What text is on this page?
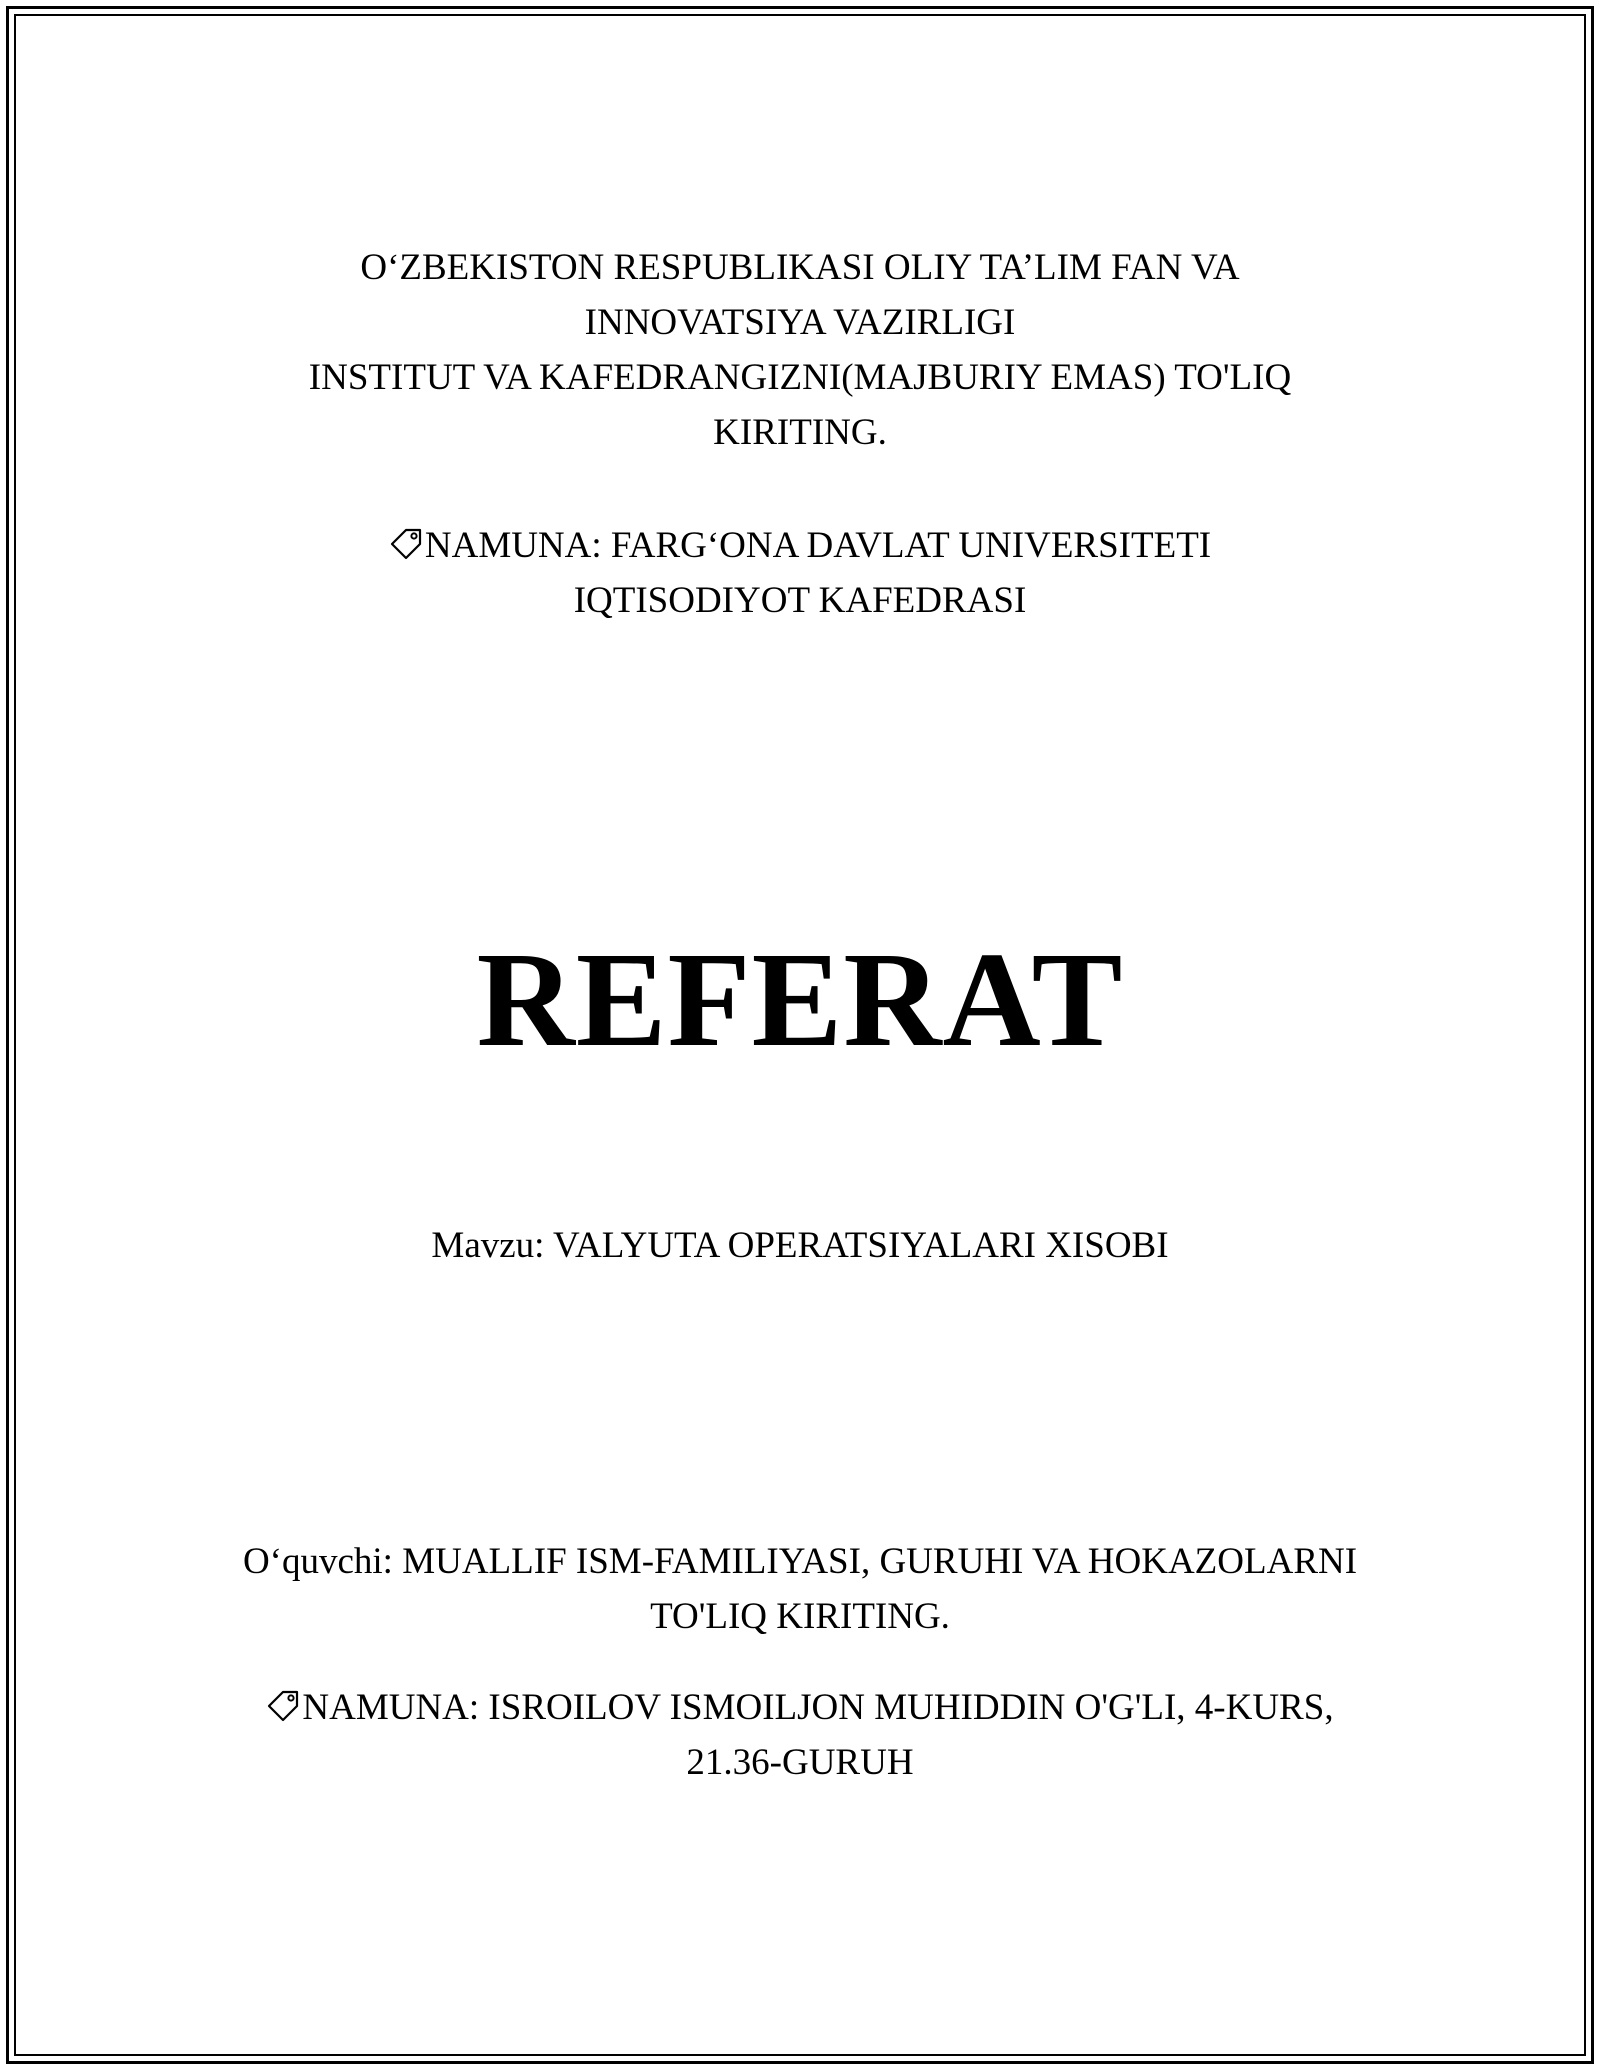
O‘ZBEKISTON RESPUBLIKASI OLIY TA’LIM FAN VA
INNOVATSIYA VAZIRLIGI
INSTITUT VA KAFEDRANGIZNI(MAJBURIY EMAS) TO'LIQ
KIRITING.
NAMUNA: FARG‘ONA DAVLAT UNIVERSITETI
IQTISODIYOT KAFEDRASI
REFERAT
Mavzu: VALYUTA OPERATSIYALARI XISOBI
O‘quvchi: MUALLIF ISM-FAMILIYASI, GURUHI VA HOKAZOLARNI
TO'LIQ KIRITING.
NAMUNA: ISROILOV ISMOILJON MUHIDDIN O'G'LI, 4-KURS,
21.36-GURUH
